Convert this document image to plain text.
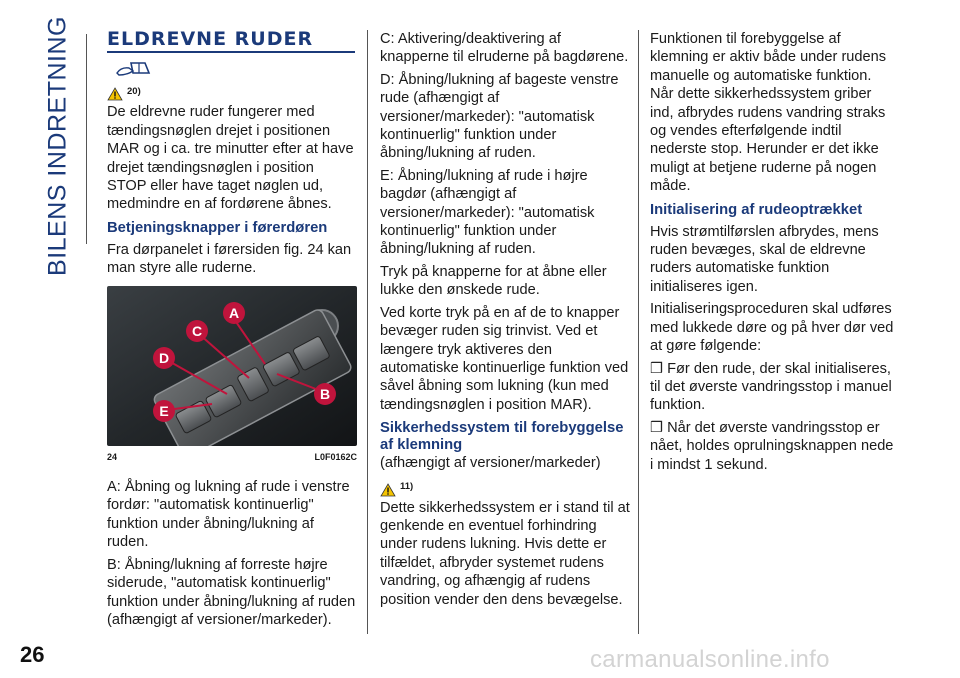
BILENS INDRETNING ELDREVNE RUDER
20)

De eldrevne ruder fungerer med tændingsnøglen drejet i positionen MAR og i ca. tre minutter efter at have drejet tændingsnøglen i position STOP eller have taget nøglen ud, medmindre en af fordørene åbnes.

Betjeningsknapper i førerdøren

Fra dørpanelet i førersiden fig. 24 kan man styre alle ruderne.

A
B
C
D
E
24	L0F0162C

A: Åbning og lukning af rude i venstre fordør: "automatisk kontinuerlig" funktion under åbning/lukning af ruden.

B: Åbning/lukning af forreste højre siderude, "automatisk kontinuerlig" funktion under åbning/lukning af ruden (afhængigt af versioner/markeder).

C: Aktivering/deaktivering af knapperne til elruderne på bagdørene.

D: Åbning/lukning af bageste venstre rude (afhængigt af versioner/markeder): "automatisk kontinuerlig" funktion under åbning/lukning af ruden.

E: Åbning/lukning af rude i højre bagdør (afhængigt af versioner/markeder): "automatisk kontinuerlig" funktion under åbning/lukning af ruden.

Tryk på knapperne for at åbne eller lukke den ønskede rude.

Ved korte tryk på en af de to knapper bevæger ruden sig trinvist. Ved et længere tryk aktiveres den automatiske kontinuerlige funktion ved såvel åbning som lukning (kun med tændingsnøglen i position MAR).

Sikkerhedssystem til forebyggelse af klemning

(afhængigt af versioner/markeder)

11)

Dette sikkerhedssystem er i stand til at genkende en eventuel forhindring under rudens lukning. Hvis dette er tilfældet, afbryder systemet rudens vandring, og afhængig af rudens position vender den dens bevægelse.

Funktionen til forebyggelse af klemning er aktiv både under rudens manuelle og automatiske funktion. Når dette sikkerhedssystem griber ind, afbrydes rudens vandring straks og vendes efterfølgende indtil nederste stop. Herunder er det ikke muligt at betjene ruderne på nogen måde.

Initialisering af rudeoptrækket

Hvis strømtilførslen afbrydes, mens ruden bevæges, skal de eldrevne ruders automatiske funktion initialiseres igen.

Initialiseringsproceduren skal udføres med lukkede døre og på hver dør ved at gøre følgende:

❒ Før den rude, der skal initialiseres, til det øverste vandringsstop i manuel funktion.

❒ Når det øverste vandringsstop er nået, holdes oprulningsknappen nede i mindst 1 sekund.

26	carmanualsonline.info
